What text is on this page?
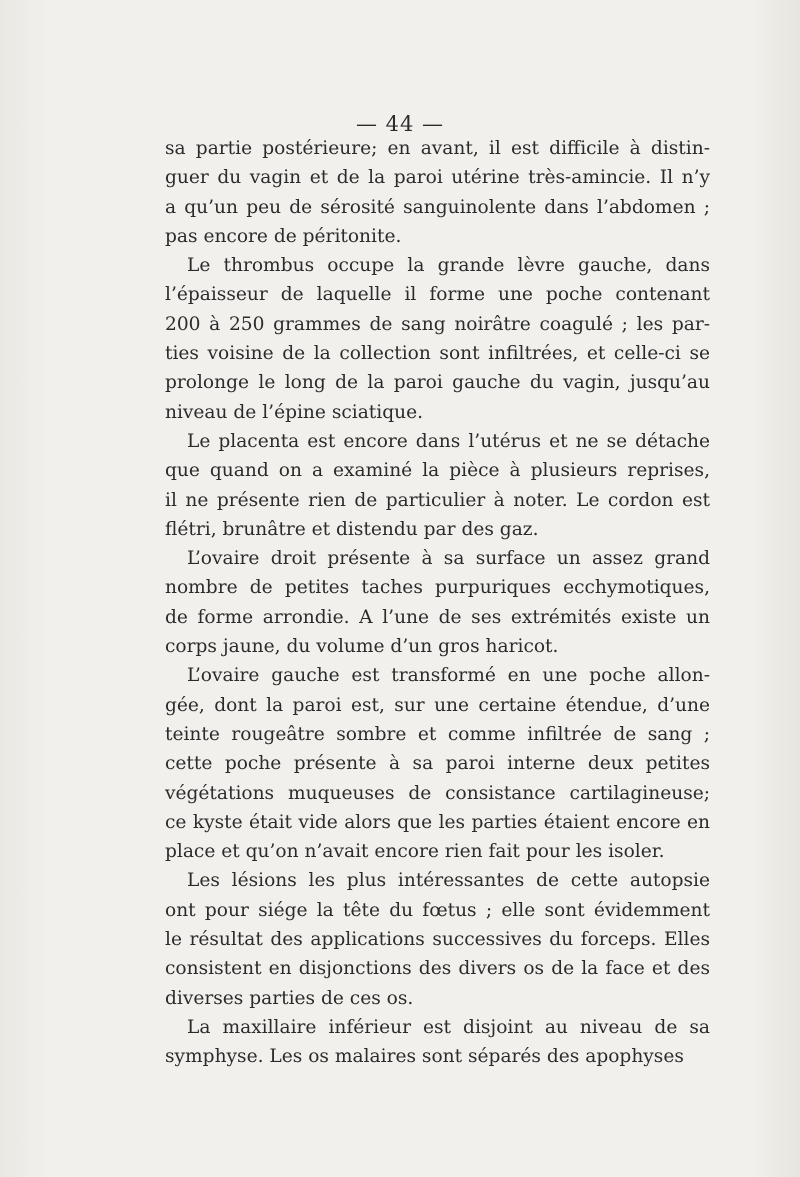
— 44 —

sa partie postérieure; en avant, il est difficile à distin-
guer du vagin et de la paroi utérine très-amincie. Il n’y
a qu’un peu de sérosité sanguinolente dans l’abdomen ;
pas encore de péritonite.

Le thrombus occupe la grande lèvre gauche, dans
l’épaisseur de laquelle il forme une poche contenant
200 à 250 grammes de sang noirâtre coagulé ; les par-
ties voisine de la collection sont infiltrées, et celle-ci se
prolonge le long de la paroi gauche du vagin, jusqu’au
niveau de l’épine sciatique.

Le placenta est encore dans l’utérus et ne se détache
que quand on a examiné la pièce à plusieurs reprises,
il ne présente rien de particulier à noter. Le cordon est
flétri, brunâtre et distendu par des gaz.

L’ovaire droit présente à sa surface un assez grand
nombre de petites taches purpuriques ecchymotiques,
de forme arrondie. A l’une de ses extrémités existe un
corps jaune, du volume d’un gros haricot.

L’ovaire gauche est transformé en une poche allon-
gée, dont la paroi est, sur une certaine étendue, d’une
teinte rougeâtre sombre et comme infiltrée de sang ;
cette poche présente à sa paroi interne deux petites
végétations muqueuses de consistance cartilagineuse;
ce kyste était vide alors que les parties étaient encore en
place et qu’on n’avait encore rien fait pour les isoler.

Les lésions les plus intéressantes de cette autopsie
ont pour siége la tête du fœtus ; elle sont évidemment
le résultat des applications successives du forceps. Elles
consistent en disjonctions des divers os de la face et des
diverses parties de ces os.

La maxillaire inférieur est disjoint au niveau de sa
symphyse. Les os malaires sont séparés des apophyses
